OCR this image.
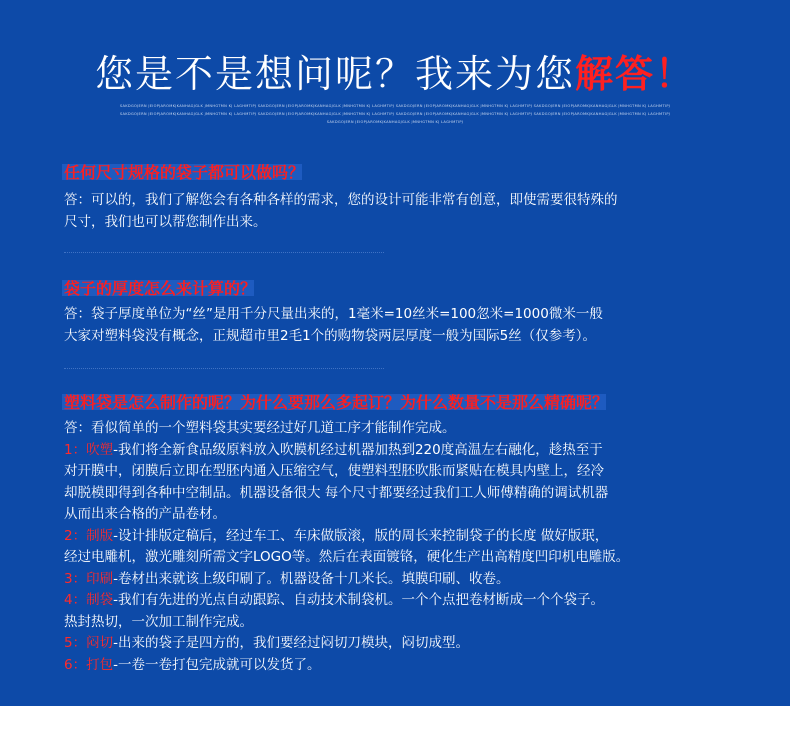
您是不是想问呢？我来为您解答！
SAKDGOJERN JEIOPJAROMKJKANHAGJGLK JMNHGTMN KJ LAGHMTIPJ SAKDGOJERN JEIOPJAROMKJKANHAGJGLK JMNHGTMN KJ LAGHMTIPJ SAKDGOJERN JEIOPJAROMKJKANHAGJGLK JMNHGTMN KJ LAGHMTIPJ SAKDGOJERN JEIOPJAROMKJKANHAGJGLK JMNHGTMN KJ LAGHMTIPJ SAKDGOJERN JEIOPJAROMKJKANHAGJGLK JMNHGTMN KJ LAGHMTIPJ SAKDGOJERN JEIOPJAROMKJKANHAGJGLK JMNHGTMN KJ LAGHMTIPJ SAKDGOJERN JEIOPJAROMKJKANHAGJGLK JMNHGTMN KJ LAGHMTIPJ SAKDGOJERN JEIOPJAROMKJKANHAGJGLK JMNHGTMN KJ LAGHMTIPJ SAKDGOJERN JEIOPJAROMKJKANHAGJGLK JMNHGTMN KJ LAGHMTIPJ
任何尺寸规格的袋子都可以做吗？
答：可以的，我们了解您会有各种各样的需求，您的设计可能非常有创意，即使需要很特殊的
尺寸，我们也可以帮您制作出来。
袋子的厚度怎么来计算的？
答：袋子厚度单位为“丝”是用千分尺量出来的，1毫米=10丝米=100忽米=1000微米一般
大家对塑料袋没有概念，正规超市里2毛1个的购物袋两层厚度一般为国际5丝（仅参考）。
塑料袋是怎么制作的呢？为什么要那么多起订？为什么数量不是那么精确呢？
答：看似简单的一个塑料袋其实要经过好几道工序才能制作完成。
1：吹塑-我们将全新食品级原料放入吹膜机经过机器加热到220度高温左右融化，趁热至于
对开膜中，闭膜后立即在型胚内通入压缩空气，使塑料型胚吹胀而紧贴在模具内壁上，经冷
却脱模即得到各种中空制品。机器设备很大 每个尺寸都要经过我们工人师傅精确的调试机器
从而出来合格的产品卷材。
2：制版-设计排版定稿后，经过车工、车床做版滚，版的周长来控制袋子的长度 做好版珉，
经过电雕机，激光雕刻所需文字LOGO等。然后在表面镀铬，硬化生产出高精度凹印机电雕版。
3：印刷-卷材出来就该上级印刷了。机器设备十几米长。填膜印刷、收卷。
4：制袋-我们有先进的光点自动跟踪、自动技术制袋机。一个个点把卷材断成一个个袋子。
热封热切，一次加工制作完成。
5：闷切-出来的袋子是四方的，我们要经过闷切刀模块，闷切成型。
6：打包-一卷一卷打包完成就可以发货了。
